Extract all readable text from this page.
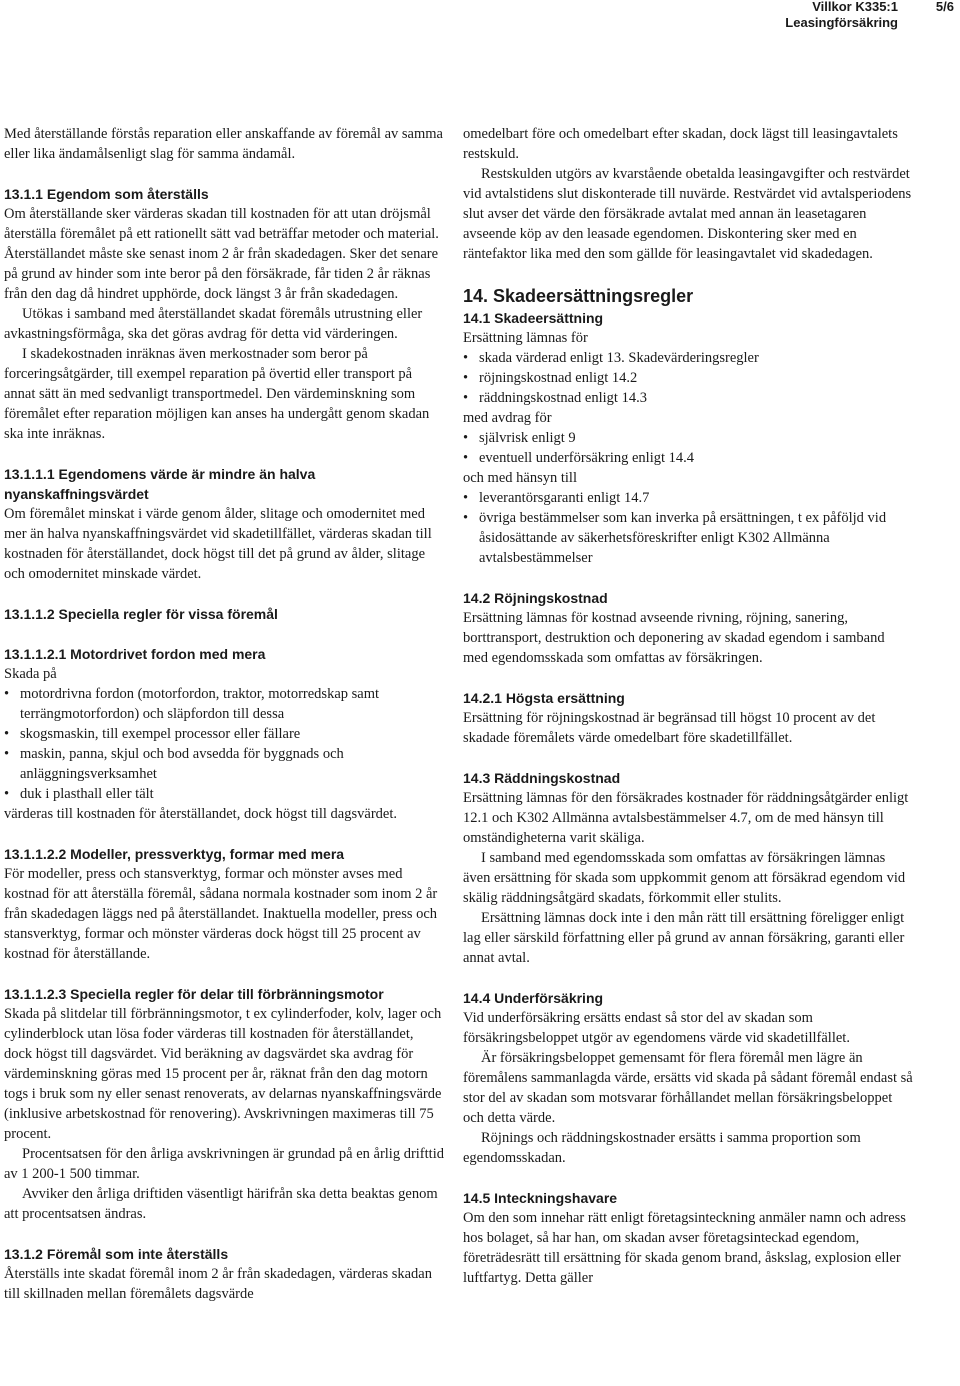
Villkor K335:1	5/6
Leasingförsäkring

Med återställande förstås reparation eller anskaffande av föremål av samma eller lika ändamålsenligt slag för samma ändamål.

13.1.1 Egendom som återställs

Om återställande sker värderas skadan till kostnaden för att utan dröjsmål återställa föremålet på ett rationellt sätt vad beträffar metoder och material.

Återställandet måste ske senast inom 2 år från skadedagen. Sker det senare på grund av hinder som inte beror på den försäkrade, får tiden 2 år räknas från den dag då hindret upphörde, dock längst 3 år från skadedagen.

Utökas i samband med återställandet skadat föremåls utrustning eller avkastningsförmåga, ska det göras avdrag för detta vid värderingen.

I skadekostnaden inräknas även merkostnader som beror på forceringsåtgärder, till exempel reparation på övertid eller transport på annat sätt än med sedvanligt transportmedel. Den värdeminskning som föremålet efter reparation möjligen kan anses ha undergått genom skadan ska inte inräknas.

13.1.1.1 Egendomens värde är mindre än halva nyanskaffningsvärdet

Om föremålet minskat i värde genom ålder, slitage och omodernitet med mer än halva nyanskaffningsvärdet vid skadetillfället, värderas skadan till kostnaden för återställandet, dock högst till det på grund av ålder, slitage och omodernitet minskade värdet.

13.1.1.2 Speciella regler för vissa föremål

13.1.1.2.1 Motordrivet fordon med mera

Skada på

• motordrivna fordon (motorfordon, traktor, motorredskap samt terrängmotorfordon) och släpfordon till dessa
• skogsmaskin, till exempel processor eller fällare
• maskin, panna, skjul och bod avsedda för byggnads och anläggningsverksamhet
• duk i plasthall eller tält

värderas till kostnaden för återställandet, dock högst till dagsvärdet.

13.1.1.2.2 Modeller, pressverktyg, formar med mera

För modeller, press och stansverktyg, formar och mönster avses med kostnad för att återställa föremål, sådana normala kostnader som inom 2 år från skadedagen läggs ned på återställandet. Inaktuella modeller, press och stansverktyg, formar och mönster värderas dock högst till 25 procent av kostnad för återställande.

13.1.1.2.3 Speciella regler för delar till förbränningsmotor

Skada på slitdelar till förbränningsmotor, t ex cylinderfoder, kolv, lager och cylinderblock utan lösa foder värderas till kostnaden för återställandet, dock högst till dagsvärdet. Vid beräkning av dagsvärdet ska avdrag för värdeminskning göras med 15 procent per år, räknat från den dag motorn togs i bruk som ny eller senast renoverats, av delarnas nyanskaffningsvärde (inklusive arbetskostnad för renovering). Avskrivningen maximeras till 75 procent.

Procentsatsen för den årliga avskrivningen är grundad på en årlig drifttid av 1 200-1 500 timmar.

Avviker den årliga driftiden väsentligt härifrån ska detta beaktas genom att procentsatsen ändras.

13.1.2 Föremål som inte återställs

Återställs inte skadat föremål inom 2 år från skadedagen, värderas skadan till skillnaden mellan föremålets dagsvärde

omedelbart före och omedelbart efter skadan, dock lägst till leasingavtalets restskuld.

Restskulden utgörs av kvarstående obetalda leasingavgifter och restvärdet vid avtalstidens slut diskonterade till nuvärde. Restvärdet vid avtalsperiodens slut avser det värde den försäkrade avtalat med annan än leasetagaren avseende köp av den leasade egendomen. Diskontering sker med en räntefaktor lika med den som gällde för leasingavtalet vid skadedagen.

14. Skadeersättningsregler

14.1 Skadeersättning

Ersättning lämnas för

• skada värderad enligt 13. Skadevärderingsregler
• röjningskostnad enligt 14.2
• räddningskostnad enligt 14.3

med avdrag för

• självrisk enligt 9
• eventuell underförsäkring enligt 14.4

och med hänsyn till

• leverantörsgaranti enligt 14.7
• övriga bestämmelser som kan inverka på ersättningen, t ex påföljd vid åsidosättande av säkerhetsföreskrifter enligt K302 Allmänna avtalsbestämmelser

14.2 Röjningskostnad

Ersättning lämnas för kostnad avseende rivning, röjning, sanering, borttransport, destruktion och deponering av skadad egendom i samband med egendomsskada som omfattas av försäkringen.

14.2.1 Högsta ersättning

Ersättning för röjningskostnad är begränsad till högst 10 procent av det skadade föremålets värde omedelbart före skadetillfället.

14.3 Räddningskostnad

Ersättning lämnas för den försäkrades kostnader för räddningsåtgärder enligt 12.1 och K302 Allmänna avtalsbestämmelser 4.7, om de med hänsyn till omständigheterna varit skäliga.

I samband med egendomsskada som omfattas av försäkringen lämnas även ersättning för skada som uppkommit genom att försäkrad egendom vid skälig räddningsåtgärd skadats, förkommit eller stulits.

Ersättning lämnas dock inte i den mån rätt till ersättning föreligger enligt lag eller särskild författning eller på grund av annan försäkring, garanti eller annat avtal.

14.4 Underförsäkring

Vid underförsäkring ersätts endast så stor del av skadan som försäkringsbeloppet utgör av egendomens värde vid skadetillfället.

Är försäkringsbeloppet gemensamt för flera föremål men lägre än föremålens sammanlagda värde, ersätts vid skada på sådant föremål endast så stor del av skadan som motsvarar förhållandet mellan försäkringsbeloppet och detta värde.

Röjnings och räddningskostnader ersätts i samma proportion som egendomsskadan.

14.5 Inteckningshavare

Om den som innehar rätt enligt företagsinteckning anmäler namn och adress hos bolaget, så har han, om skadan avser företagsinteckad egendom, företrädesrätt till ersättning för skada genom brand, åskslag, explosion eller luftfartyg. Detta gäller
